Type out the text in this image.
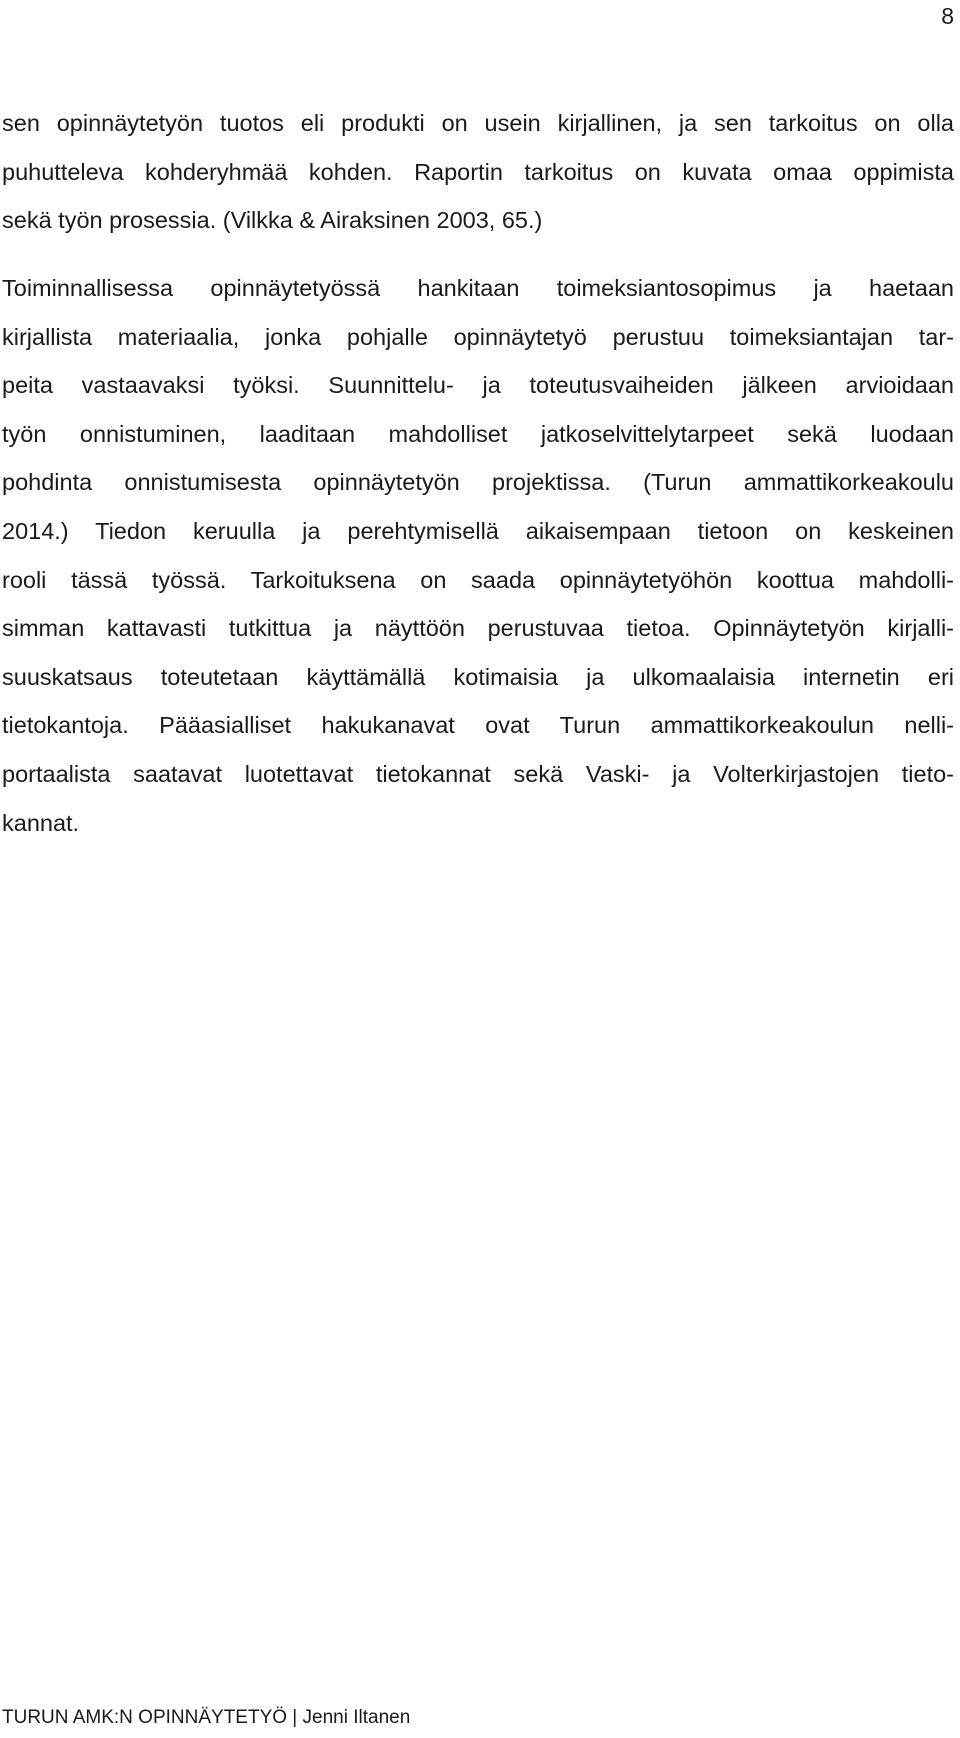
8
sen opinnäytetyön tuotos eli produkti on usein kirjallinen, ja sen tarkoitus on olla
puhutteleva kohderyhmää kohden. Raportin tarkoitus on kuvata omaa oppimista
sekä työn prosessia. (Vilkka & Airaksinen 2003, 65.)
Toiminnallisessa opinnäytetyössä hankitaan toimeksiantosopimus ja haetaan
kirjallista materiaalia, jonka pohjalle opinnäytetyö perustuu toimeksiantajan tar-
peita vastaavaksi työksi. Suunnittelu- ja toteutusvaiheiden jälkeen arvioidaan
työn onnistuminen, laaditaan mahdolliset jatkoselvittelytarpeet sekä luodaan
pohdinta onnistumisesta opinnäytetyön projektissa. (Turun ammattikorkeakoulu
2014.) Tiedon keruulla ja perehtymisellä aikaisempaan tietoon on keskeinen
rooli tässä työssä. Tarkoituksena on saada opinnäytetyöhön koottua mahdolli-
simman kattavasti tutkittua ja näyttöön perustuvaa tietoa. Opinnäytetyön kirjalli-
suuskatsaus toteutetaan käyttämällä kotimaisia ja ulkomaalaisia internetin eri
tietokantoja. Pääasialliset hakukanavat ovat Turun ammattikorkeakoulun nelli-
portaalista saatavat luotettavat tietokannat sekä Vaski- ja Volterkirjastojen tieto-
kannat.
TURUN AMK:N OPINNÄYTETYÖ | Jenni Iltanen
